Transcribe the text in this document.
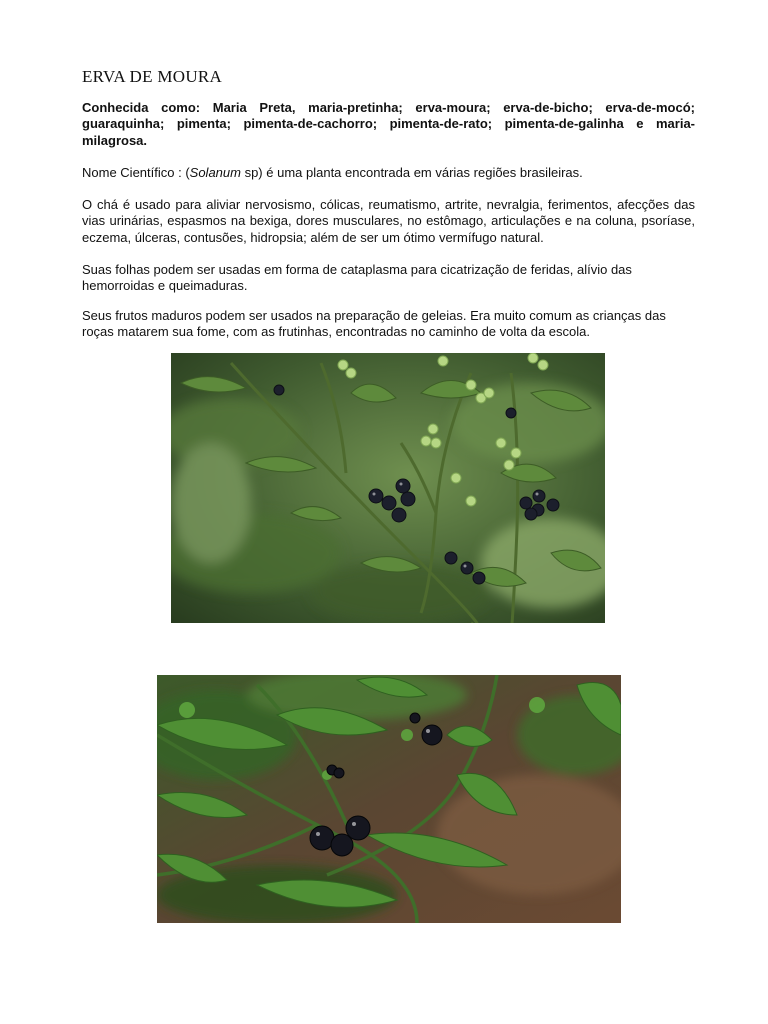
ERVA DE MOURA

Conhecida como: Maria Preta, maria-pretinha; erva-moura; erva-de-bicho; erva-de-mocó; guaraquinha; pimenta; pimenta-de-cachorro; pimenta-de-rato; pimenta-de-galinha e maria-milagrosa.

Nome Científico : (Solanum sp) é uma planta encontrada em várias regiões brasileiras.

O chá é usado para aliviar nervosismo, cólicas, reumatismo, artrite, nevralgia, ferimentos, afecções das vias urinárias, espasmos na bexiga, dores musculares, no estômago, articulações e na coluna, psoríase, eczema, úlceras, contusões, hidropsia; além de ser um ótimo vermífugo natural.

Suas folhas podem ser usadas em forma de cataplasma para cicatrização de feridas, alívio das
hemorroidas e queimaduras.

Seus frutos maduros podem ser usados na preparação de geleias. Era muito comum as crianças das
roças matarem sua fome, com as frutinhas, encontradas no caminho de volta da escola.
